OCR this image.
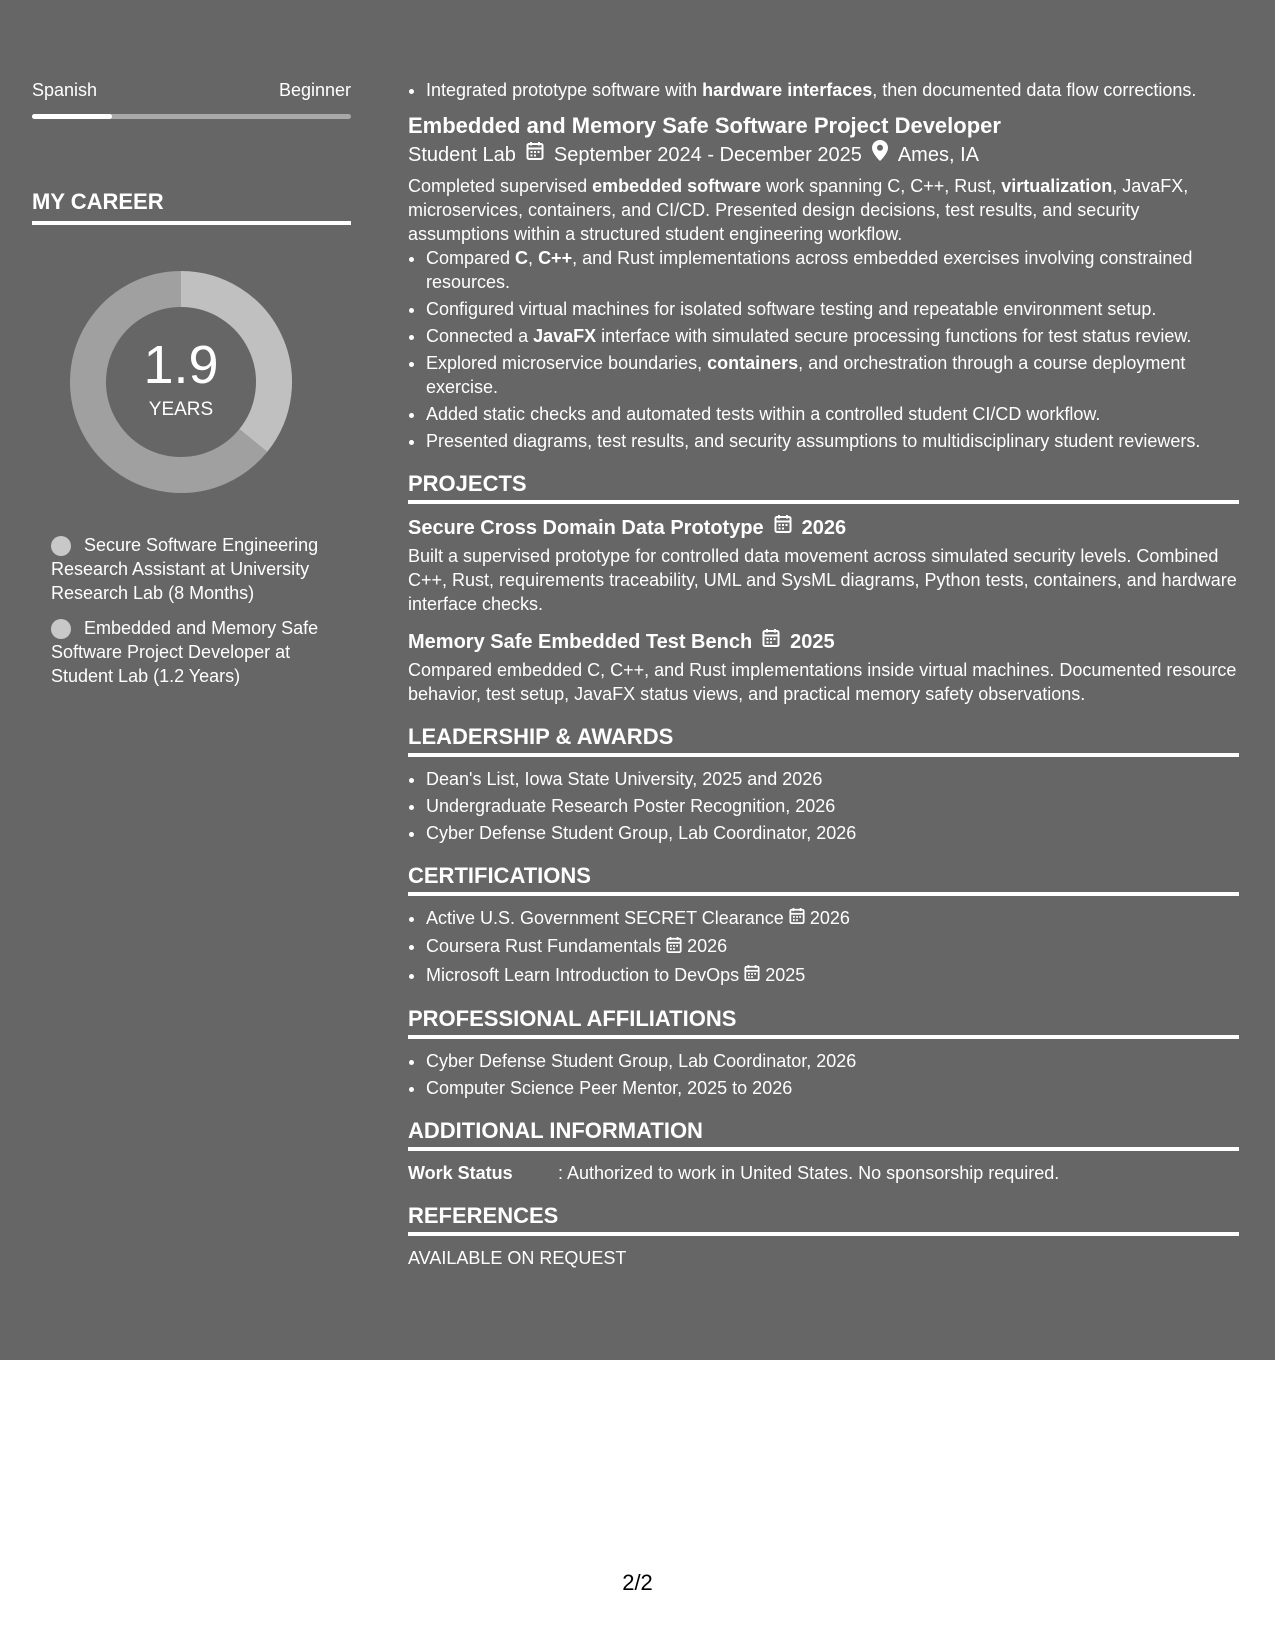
Spanish	Beginner
MY CAREER
1.9
YEARS
Secure Software Engineering Research Assistant at University Research Lab (8 Months)
Embedded and Memory Safe Software Project Developer at Student Lab (1.2 Years)
• Integrated prototype software with hardware interfaces, then documented data flow corrections.
Embedded and Memory Safe Software Project Developer
Student Lab September 2024 - December 2025 Ames, IA
Completed supervised embedded software work spanning C, C++, Rust, virtualization, JavaFX, microservices, containers, and CI/CD. Presented design decisions, test results, and security assumptions within a structured student engineering workflow.
• Compared C, C++, and Rust implementations across embedded exercises involving constrained resources.
• Configured virtual machines for isolated software testing and repeatable environment setup.
• Connected a JavaFX interface with simulated secure processing functions for test status review.
• Explored microservice boundaries, containers, and orchestration through a course deployment exercise.
• Added static checks and automated tests within a controlled student CI/CD workflow.
• Presented diagrams, test results, and security assumptions to multidisciplinary student reviewers.
PROJECTS
Secure Cross Domain Data Prototype 2026
Built a supervised prototype for controlled data movement across simulated security levels. Combined C++, Rust, requirements traceability, UML and SysML diagrams, Python tests, containers, and hardware interface checks.
Memory Safe Embedded Test Bench 2025
Compared embedded C, C++, and Rust implementations inside virtual machines. Documented resource behavior, test setup, JavaFX status views, and practical memory safety observations.
LEADERSHIP & AWARDS
• Dean's List, Iowa State University, 2025 and 2026
• Undergraduate Research Poster Recognition, 2026
• Cyber Defense Student Group, Lab Coordinator, 2026
CERTIFICATIONS
• Active U.S. Government SECRET Clearance 2026
• Coursera Rust Fundamentals 2026
• Microsoft Learn Introduction to DevOps 2025
PROFESSIONAL AFFILIATIONS
• Cyber Defense Student Group, Lab Coordinator, 2026
• Computer Science Peer Mentor, 2025 to 2026
ADDITIONAL INFORMATION
Work Status	: Authorized to work in United States. No sponsorship required.
REFERENCES
AVAILABLE ON REQUEST
2/2
